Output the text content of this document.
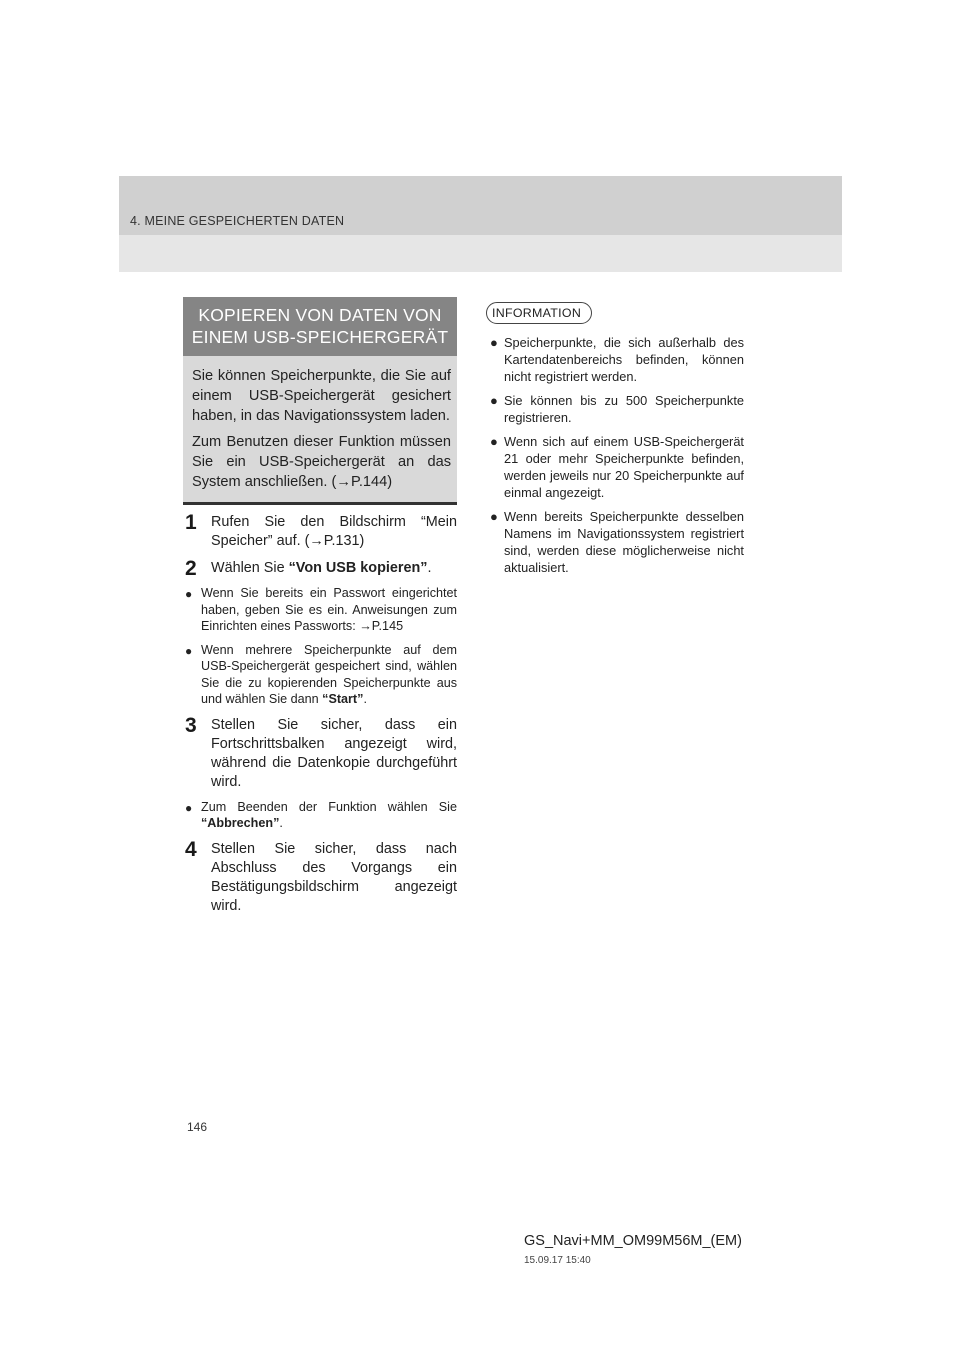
4. MEINE GESPEICHERTEN DATEN
KOPIEREN VON DATEN VON
EINEM USB-SPEICHERGERÄT

Sie können Speicherpunkte, die Sie auf einem USB-Speichergerät gesichert haben, in das Navigationssystem laden.

Zum Benutzen dieser Funktion müssen Sie ein USB-Speichergerät an das System anschließen. (→P.144)

1 Rufen Sie den Bildschirm “Mein Speicher” auf. (→P.131)
2 Wählen Sie “Von USB kopieren”.
● Wenn Sie bereits ein Passwort eingerichtet haben, geben Sie es ein. Anweisungen zum Einrichten eines Passworts: →P.145
● Wenn mehrere Speicherpunkte auf dem USB-Speichergerät gespeichert sind, wählen Sie die zu kopierenden Speicherpunkte aus und wählen Sie dann “Start”.
3 Stellen Sie sicher, dass ein Fortschrittsbalken angezeigt wird, während die Datenkopie durchgeführt wird.
● Zum Beenden der Funktion wählen Sie “Abbrechen”.
4 Stellen Sie sicher, dass nach Abschluss des Vorgangs ein Bestätigungsbildschirm angezeigt wird.
INFORMATION
● Speicherpunkte, die sich außerhalb des Kartendatenbereichs befinden, können nicht registriert werden.
● Sie können bis zu 500 Speicherpunkte registrieren.
● Wenn sich auf einem USB-Speichergerät 21 oder mehr Speicherpunkte befinden, werden jeweils nur 20 Speicherpunkte auf einmal angezeigt.
● Wenn bereits Speicherpunkte desselben Namens im Navigationssystem registriert sind, werden diese möglicherweise nicht aktualisiert.
146
GS_Navi+MM_OM99M56M_(EM)
15.09.17 15:40
